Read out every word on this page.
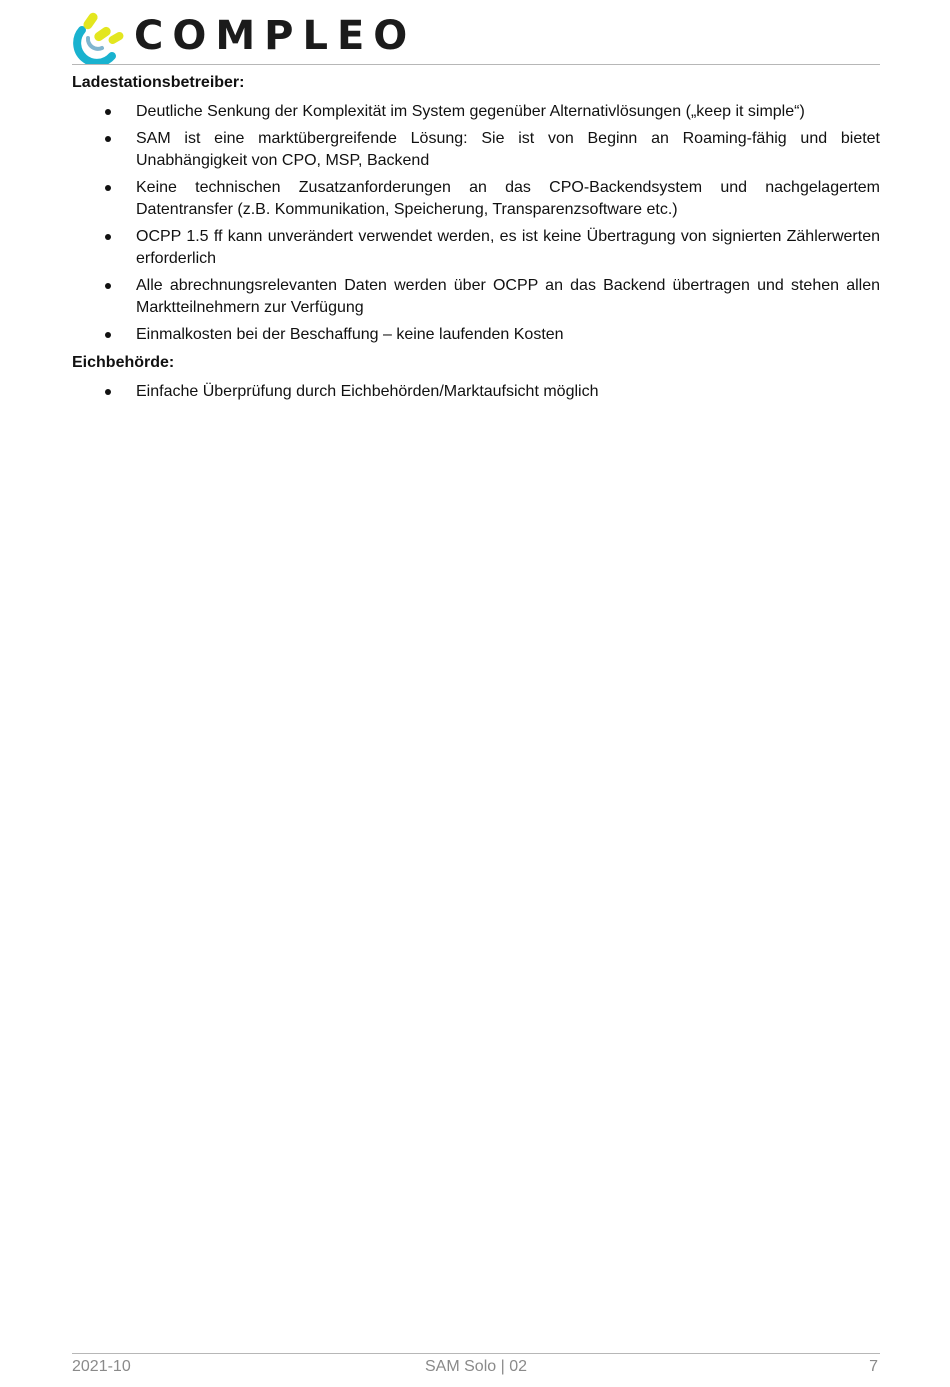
COMPLEO
Ladestationsbetreiber:
Deutliche Senkung der Komplexität im System gegenüber Alternativlösungen („keep it simple“)
SAM ist eine marktübergreifende Lösung: Sie ist von Beginn an Roaming-fähig und bietet Unabhängigkeit von CPO, MSP, Backend
Keine technischen Zusatzanforderungen an das CPO-Backendsystem und nachgelagertem Datentransfer (z.B. Kommunikation, Speicherung, Transparenzsoftware etc.)
OCPP 1.5 ff kann unverändert verwendet werden, es ist keine Übertragung von signierten Zählerwerten erforderlich
Alle abrechnungsrelevanten Daten werden über OCPP an das Backend übertragen und stehen allen Marktteilnehmern zur Verfügung
Einmalkosten bei der Beschaffung – keine laufenden Kosten
Eichbehörde:
Einfache Überprüfung durch Eichbehörden/Marktaufsicht möglich
2021-10	SAM Solo | 02	7
